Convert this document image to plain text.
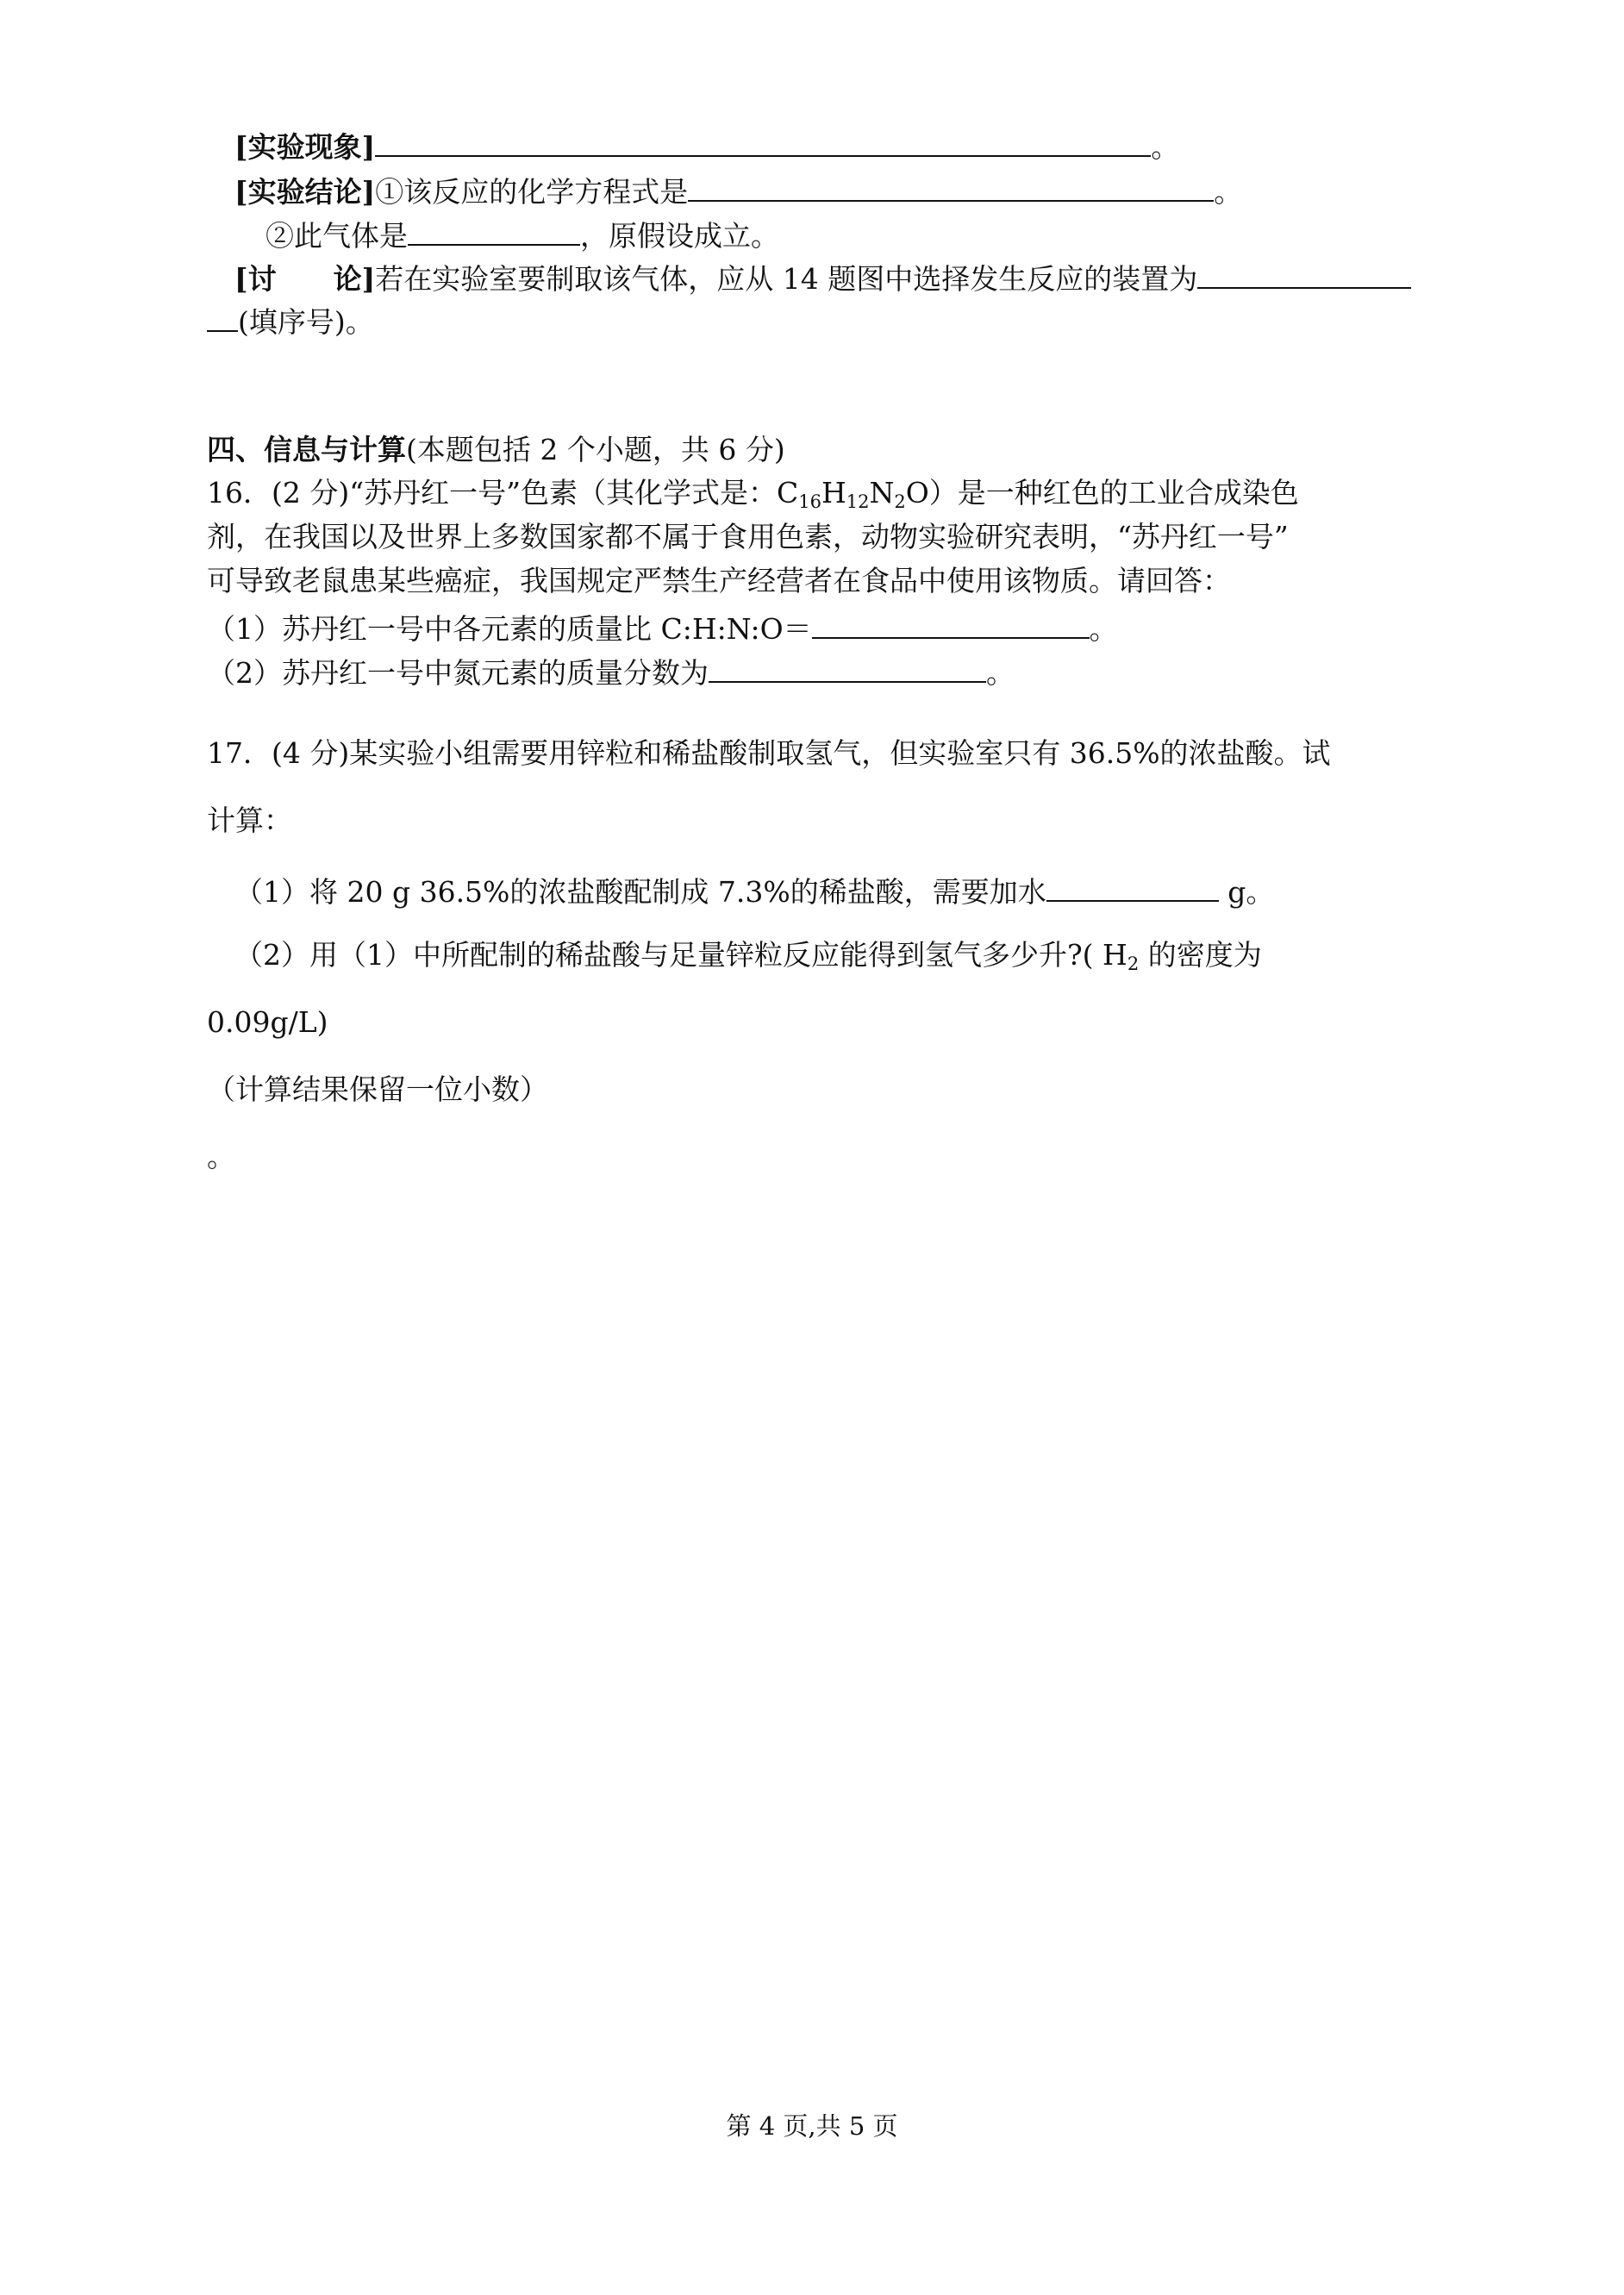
[实验现象]	。
[实验结论]①该反应的化学方程式是	。
②此气体是	，原假设成立。
[讨　　论]若在实验室要制取该气体，应从 14 题图中选择发生反应的装置为
(填序号)。
四、信息与计算(本题包括 2 个小题，共 6 分)
16．(2 分)“苏丹红一号”色素（其化学式是：$C_{16}H_{12}N_2O$）是一种红色的工业合成染色
剂，在我国以及世界上多数国家都不属于食用色素，动物实验研究表明，“苏丹红一号”
可导致老鼠患某些癌症，我国规定严禁生产经营者在食品中使用该物质。请回答：
（1）苏丹红一号中各元素的质量比 C:H:N:O＝	。
（2）苏丹红一号中氮元素的质量分数为	。
17．(4 分)某实验小组需要用锌粒和稀盐酸制取氢气，但实验室只有 36.5%的浓盐酸。试
计算：
（1）将 20 g 36.5%的浓盐酸配制成 7.3%的稀盐酸，需要加水	g。
（2）用（1）中所配制的稀盐酸与足量锌粒反应能得到氢气多少升?( $H_2$ 的密度为
0.09g/L)
（计算结果保留一位小数）
。
第 4 页,共 5 页
